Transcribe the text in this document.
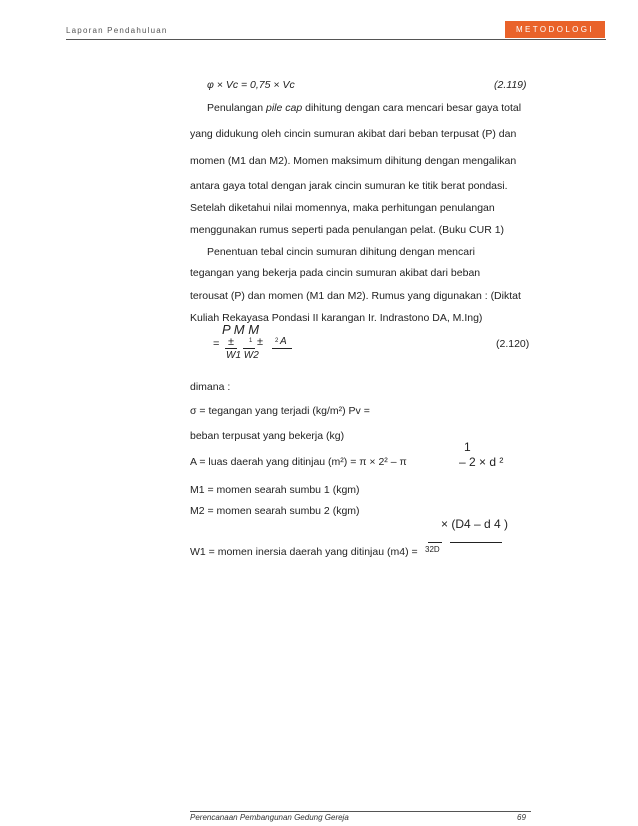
Laporan Pendahuluan	METODOLOGI
φ × Vc = 0,75 × Vc	(2.119)
Penulangan pile cap dihitung dengan cara mencari besar gaya total
yang didukung oleh cincin sumuran akibat dari beban terpusat (P) dan
momen (M1 dan M2). Momen maksimum dihitung dengan mengalikan
antara gaya total dengan jarak cincin sumuran ke titik berat pondasi.
Setelah diketahui nilai momennya, maka perhitungan penulangan
menggunakan rumus seperti pada penulangan pelat. (Buku CUR 1)
Penentuan tebal cincin sumuran dihitung dengan mencari
tegangan yang bekerja pada cincin sumuran akibat dari beban
terousat (P) dan momen (M1 dan M2). Rumus yang digunakan : (Diktat
Kuliah Rekayasa Pondasi II karangan Ir. Indrastono DA, M.Ing)
P M M
= ± 1 ± 2 A
W1 W2
(2.120)
dimana :
σ = tegangan yang terjadi (kg/m²) Pv =
beban terpusat yang bekerja (kg)
A = luas daerah yang ditinjau (m²) = π × 2² – π
1
– 2 × d ²
M1 = momen searah sumbu 1 (kgm)
M2 = momen searah sumbu 2 (kgm)
× (D4 – d 4 )
W1 = momen inersia daerah yang ditinjau (m4) = 32D
Perencanaan Pembangunan Gedung Gereja	69
